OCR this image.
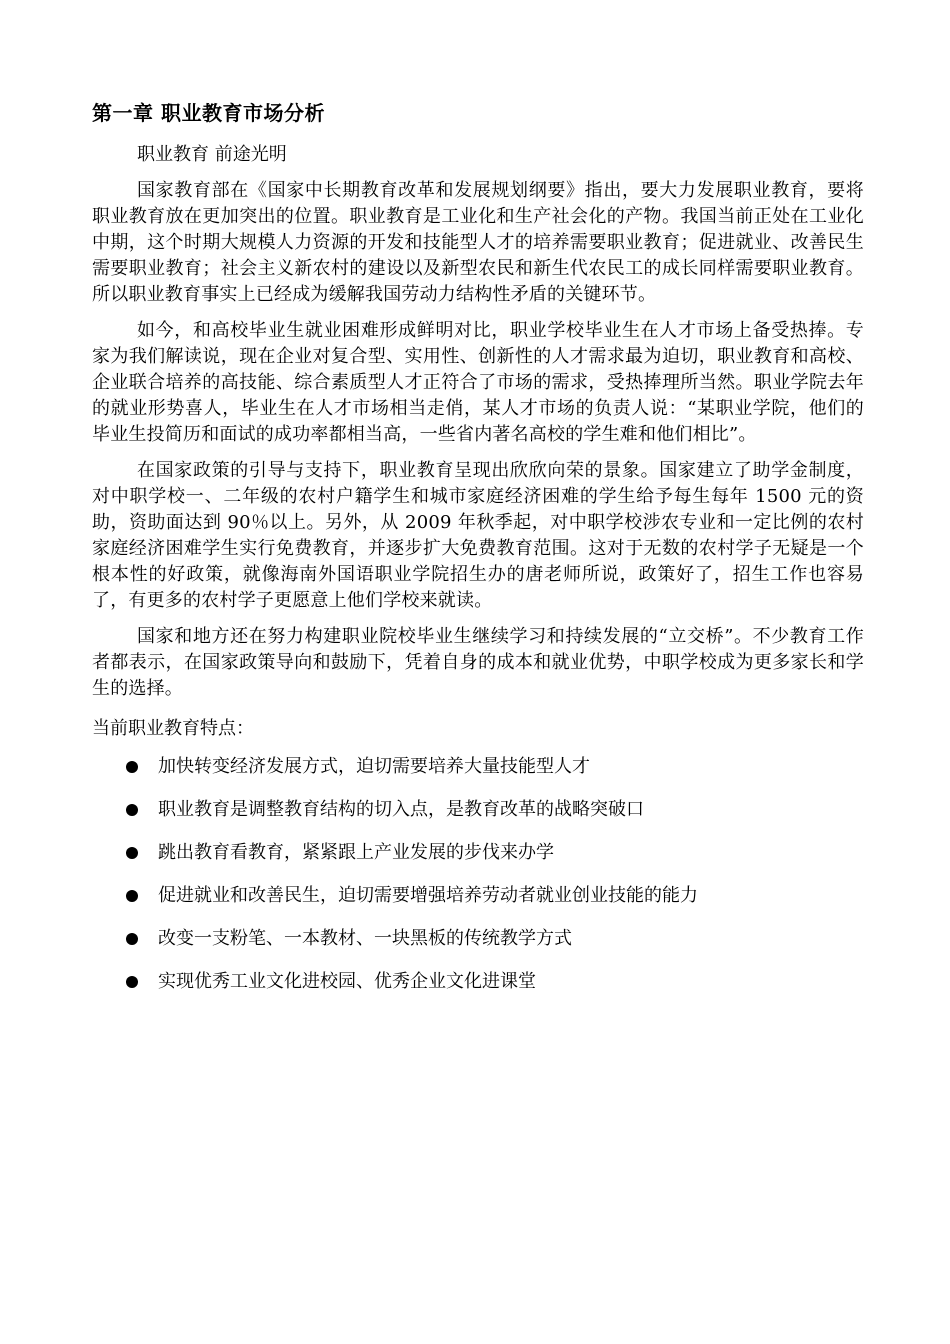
第一章 职业教育市场分析

职业教育 前途光明

国家教育部在《国家中长期教育改革和发展规划纲要》指出，要大力发展职业教育，要将职业教育放在更加突出的位置。职业教育是工业化和生产社会化的产物。我国当前正处在工业化中期，这个时期大规模人力资源的开发和技能型人才的培养需要职业教育；促进就业、改善民生需要职业教育；社会主义新农村的建设以及新型农民和新生代农民工的成长同样需要职业教育。所以职业教育事实上已经成为缓解我国劳动力结构性矛盾的关键环节。

如今，和高校毕业生就业困难形成鲜明对比，职业学校毕业生在人才市场上备受热捧。专家为我们解读说，现在企业对复合型、实用性、创新性的人才需求最为迫切，职业教育和高校、企业联合培养的高技能、综合素质型人才正符合了市场的需求，受热捧理所当然。职业学院去年的就业形势喜人，毕业生在人才市场相当走俏，某人才市场的负责人说：“某职业学院，他们的毕业生投简历和面试的成功率都相当高，一些省内著名高校的学生难和他们相比”。

在国家政策的引导与支持下，职业教育呈现出欣欣向荣的景象。国家建立了助学金制度，对中职学校一、二年级的农村户籍学生和城市家庭经济困难的学生给予每生每年 1500 元的资助，资助面达到 90％以上。另外，从 2009 年秋季起，对中职学校涉农专业和一定比例的农村家庭经济困难学生实行免费教育，并逐步扩大免费教育范围。这对于无数的农村学子无疑是一个根本性的好政策，就像海南外国语职业学院招生办的唐老师所说，政策好了，招生工作也容易了，有更多的农村学子更愿意上他们学校来就读。

国家和地方还在努力构建职业院校毕业生继续学习和持续发展的“立交桥”。不少教育工作者都表示，在国家政策导向和鼓励下，凭着自身的成本和就业优势，中职学校成为更多家长和学生的选择。

当前职业教育特点：

加快转变经济发展方式，迫切需要培养大量技能型人才
职业教育是调整教育结构的切入点，是教育改革的战略突破口
跳出教育看教育，紧紧跟上产业发展的步伐来办学
促进就业和改善民生，迫切需要增强培养劳动者就业创业技能的能力
改变一支粉笔、一本教材、一块黑板的传统教学方式
实现优秀工业文化进校园、优秀企业文化进课堂
